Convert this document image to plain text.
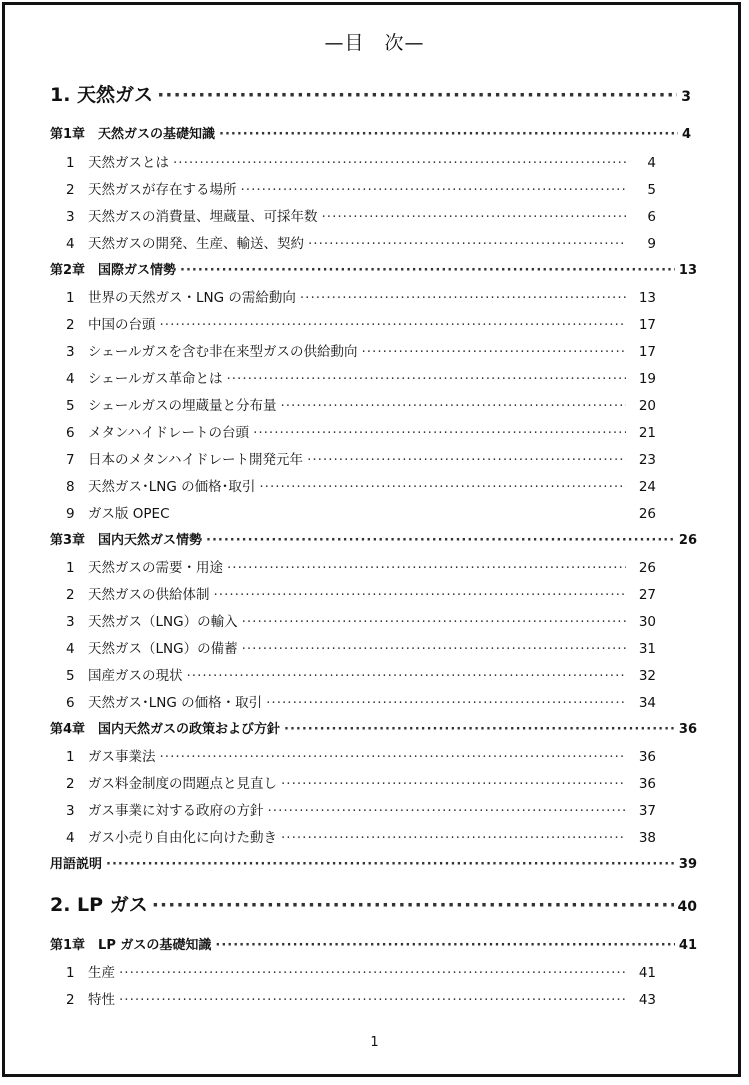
—目　次—
1. 天然ガス ·····	3
第1章　天然ガスの基礎知識 ·····	4
1 天然ガスとは ·····	4
2 天然ガスが存在する場所 ·····	5
3 天然ガスの消費量、埋蔵量、可採年数 ·····	6
4 天然ガスの開発、生産、輸送、契約 ·····	9
第2章　国際ガス情勢 ·····	13
1 世界の天然ガス・LNG の需給動向 ·····	13
2 中国の台頭 ·····	17
3 シェールガスを含む非在来型ガスの供給動向 ·····	17
4 シェールガス革命とは ·····	19
5 シェールガスの埋蔵量と分布量 ·····	20
6 メタンハイドレートの台頭 ·····	21
7 日本のメタンハイドレート開発元年 ·····	23
8 天然ガス･LNG の価格･取引 ·····	24
9 ガス版 OPEC	26
第3章　国内天然ガス情勢 ·····	26
1 天然ガスの需要・用途 ·····	26
2 天然ガスの供給体制 ·····	27
3 天然ガス（LNG）の輸入 ·····	30
4 天然ガス（LNG）の備蓄 ·····	31
5 国産ガスの現状 ·····	32
6 天然ガス･LNG の価格・取引 ·····	34
第4章　国内天然ガスの政策および方針 ·····	36
1 ガス事業法 ·····	36
2 ガス料金制度の問題点と見直し ·····	36
3 ガス事業に対する政府の方針 ·····	37
4 ガス小売り自由化に向けた動き ·····	38
用語説明 ·····	39
2. LP ガス ·····	40
第1章　LP ガスの基礎知識 ·····	41
1 生産 ·····	41
2 特性 ·····	43
1
